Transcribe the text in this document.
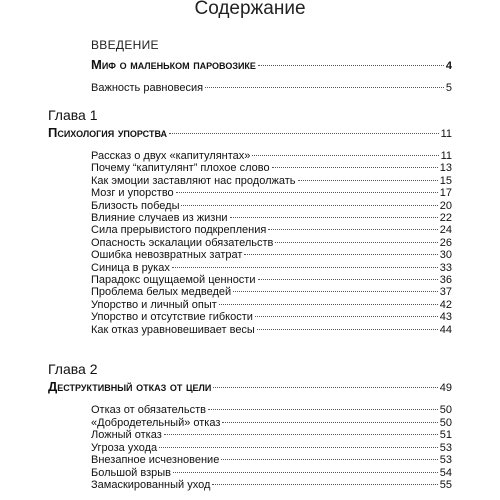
Содержание
ВВЕДЕНИЕ
Миф о маленьком паровозике	4
Важность равновесия	5
Глава 1
Психология упорства	11
Рассказ о двух «капитулянтах»	11
Почему “капитулянт” плохое слово	13
Как эмоции заставляют нас продолжать	15
Мозг и упорство	17
Близость победы	20
Влияние случаев из жизни	22
Сила прерывистого подкрепления	24
Опасность эскалации обязательств	26
Ошибка невозвратных затрат	30
Синица в руках	33
Парадокс ощущаемой ценности	36
Проблема белых медведей	37
Упорство и личный опыт	42
Упорство и отсутствие гибкости	43
Как отказ уравновешивает весы	44
Глава 2
Деструктивный отказ от цели	49
Отказ от обязательств	50
«Добродетельный» отказ	50
Ложный отказ	51
Угроза ухода	53
Внезапное исчезновение	53
Большой взрыв	54
Замаскированный уход	55
